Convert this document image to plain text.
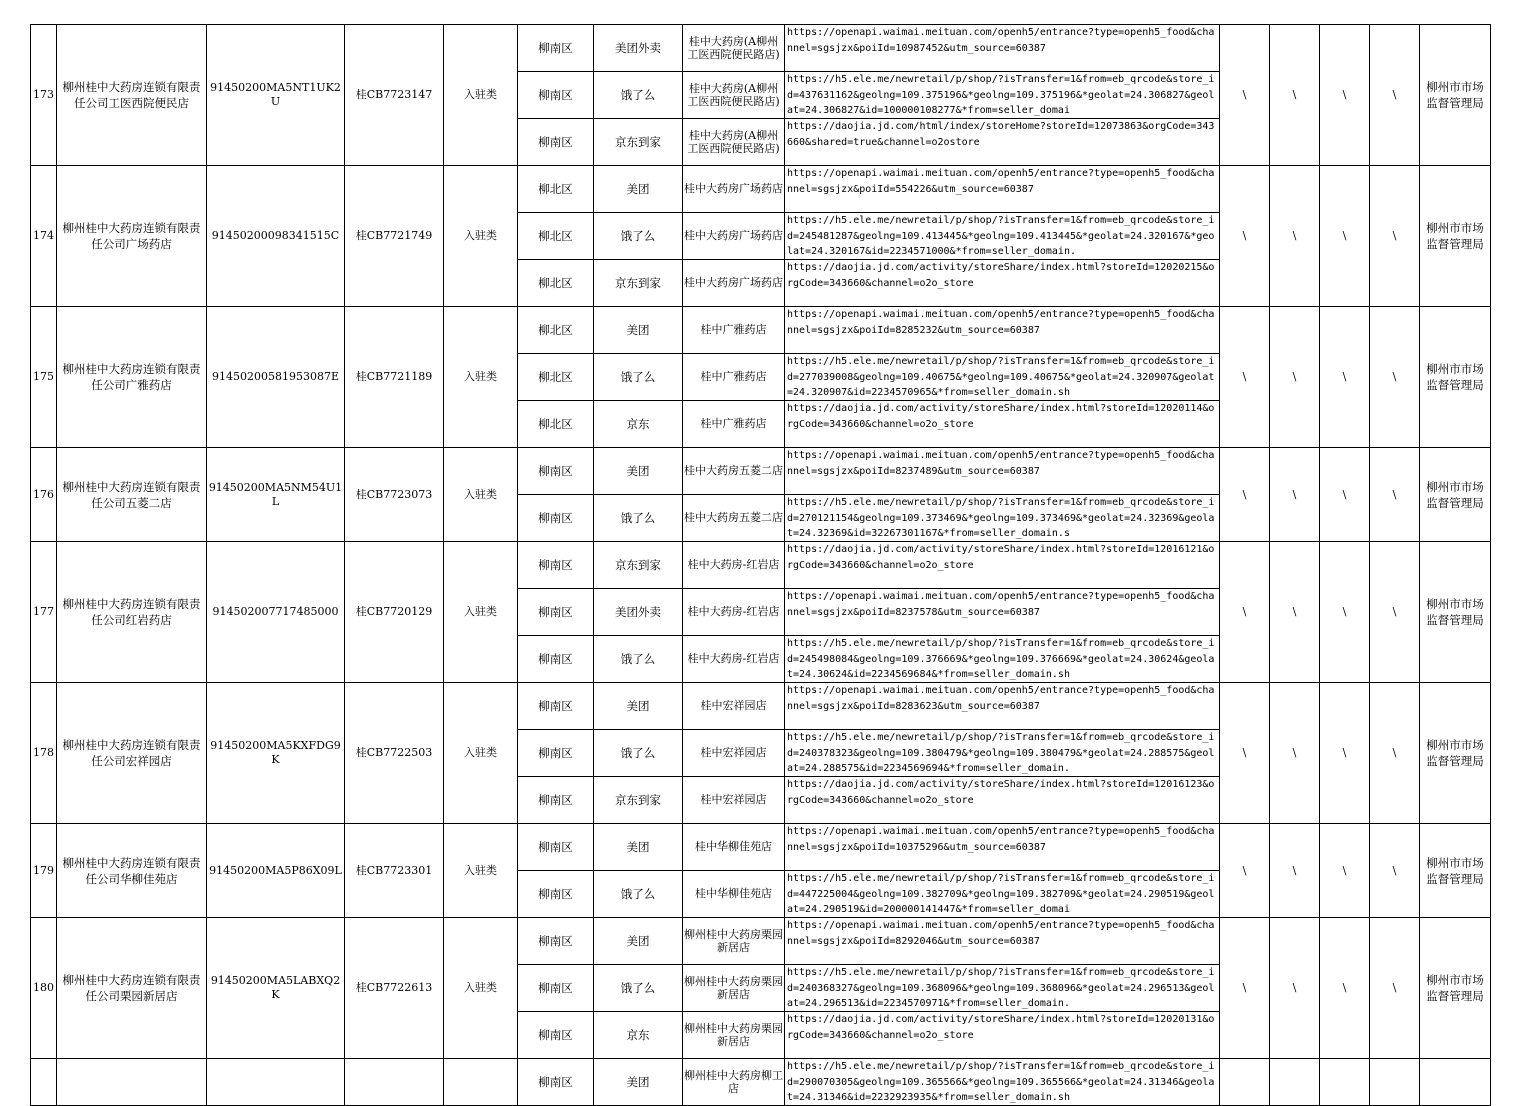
173	柳州桂中大药房连锁有限责任公司工医西院便民店	91450200MA5NT1UK2U	桂CB7723147	入驻类	柳南区	美团外卖	桂中大药房(A柳州工医西院便民路店)	https://openapi.waimai.meituan.com/openh5/entrance?type=openh5_food&channel=sgsjzx&poiId=10987452&utm_source=60387	\	\	\	\	柳州市市场监督管理局
					柳南区	饿了么	桂中大药房(A柳州工医西院便民路店)	https://h5.ele.me/newretail/p/shop/?isTransfer=1&from=eb_qrcode&store_id=437631162&geolng=109.375196&*geolng=109.375196&*geolat=24.306827&geolat=24.306827&id=100000108277&*from=seller_domai					

					柳南区	京东到家	桂中大药房(A柳州工医西院便民路店)	https://daojia.jd.com/html/index/storeHome?storeId=12073863&orgCode=343660&shared=true&channel=o2ostore					

174	柳州桂中大药房连锁有限责任公司广场药店	91450200098341515C	桂CB7721749	入驻类	柳北区	美团	桂中大药房广场药店	https://openapi.waimai.meituan.com/openh5/entrance?type=openh5_food&channel=sgsjzx&poiId=554226&utm_source=60387	\	\	\	\	柳州市市场监督管理局
					柳北区	饿了么	桂中大药房广场药店	https://h5.ele.me/newretail/p/shop/?isTransfer=1&from=eb_qrcode&store_id=245481287&geolng=109.413445&*geolng=109.413445&*geolat=24.320167&*geolat=24.320167&id=2234571000&*from=seller_domain.					

					柳北区	京东到家	桂中大药房广场药店	https://daojia.jd.com/activity/storeShare/index.html?storeId=12020215&orgCode=343660&channel=o2o_store					

175	柳州桂中大药房连锁有限责任公司广雅药店	91450200581953087E	桂CB7721189	入驻类	柳北区	美团	桂中广雅药店	https://openapi.waimai.meituan.com/openh5/entrance?type=openh5_food&channel=sgsjzx&poiId=8285232&utm_source=60387	\	\	\	\	柳州市市场监督管理局
					柳北区	饿了么	桂中广雅药店	https://h5.ele.me/newretail/p/shop/?isTransfer=1&from=eb_qrcode&store_id=277039008&geolng=109.40675&*geolng=109.40675&*geolat=24.320907&geolat=24.320907&id=2234570965&*from=seller_domain.sh					

					柳北区	京东	桂中广雅药店	https://daojia.jd.com/activity/storeShare/index.html?storeId=12020114&orgCode=343660&channel=o2o_store					

176	柳州桂中大药房连锁有限责任公司五菱二店	91450200MA5NM54U1L	桂CB7723073	入驻类	柳南区	美团	桂中大药房五菱二店	https://openapi.waimai.meituan.com/openh5/entrance?type=openh5_food&channel=sgsjzx&poiId=8237489&utm_source=60387	\	\	\	\	柳州市市场监督管理局
					柳南区	饿了么	桂中大药房五菱二店	https://h5.ele.me/newretail/p/shop/?isTransfer=1&from=eb_qrcode&store_id=270121154&geolng=109.373469&*geolng=109.373469&*geolat=24.32369&geolat=24.32369&id=32267301167&*from=seller_domain.s					

177	柳州桂中大药房连锁有限责任公司红岩药店	914502007717485000	桂CB7720129	入驻类	柳南区	京东到家	桂中大药房-红岩店	https://daojia.jd.com/activity/storeShare/index.html?storeId=12016121&orgCode=343660&channel=o2o_store	\	\	\	\	柳州市市场监督管理局
					柳南区	美团外卖	桂中大药房-红岩店	https://openapi.waimai.meituan.com/openh5/entrance?type=openh5_food&channel=sgsjzx&poiId=8237578&utm_source=60387					

					柳南区	饿了么	桂中大药房-红岩店	https://h5.ele.me/newretail/p/shop/?isTransfer=1&from=eb_qrcode&store_id=245498084&geolng=109.376669&*geolng=109.376669&*geolat=24.30624&geolat=24.30624&id=2234569684&*from=seller_domain.sh					

178	柳州桂中大药房连锁有限责任公司宏祥园店	91450200MA5KXFDG9K	桂CB7722503	入驻类	柳南区	美团	桂中宏祥园店	https://openapi.waimai.meituan.com/openh5/entrance?type=openh5_food&channel=sgsjzx&poiId=8283623&utm_source=60387	\	\	\	\	柳州市市场监督管理局
					柳南区	饿了么	桂中宏祥园店	https://h5.ele.me/newretail/p/shop/?isTransfer=1&from=eb_qrcode&store_id=240378323&geolng=109.380479&*geolng=109.380479&*geolat=24.288575&geolat=24.288575&id=2234569694&*from=seller_domain.					

					柳南区	京东到家	桂中宏祥园店	https://daojia.jd.com/activity/storeShare/index.html?storeId=12016123&orgCode=343660&channel=o2o_store					

179	柳州桂中大药房连锁有限责任公司华柳佳苑店	91450200MA5P86X09L	桂CB7723301	入驻类	柳南区	美团	桂中华柳佳苑店	https://openapi.waimai.meituan.com/openh5/entrance?type=openh5_food&channel=sgsjzx&poiId=10375296&utm_source=60387	\	\	\	\	柳州市市场监督管理局
					柳南区	饿了么	桂中华柳佳苑店	https://h5.ele.me/newretail/p/shop/?isTransfer=1&from=eb_qrcode&store_id=447225004&geolng=109.382709&*geolng=109.382709&*geolat=24.290519&geolat=24.290519&id=200000141447&*from=seller_domai					

180	柳州桂中大药房连锁有限责任公司栗园新居店	91450200MA5LABXQ2K	桂CB7722613	入驻类	柳南区	美团	柳州桂中大药房栗园新居店	https://openapi.waimai.meituan.com/openh5/entrance?type=openh5_food&channel=sgsjzx&poiId=8292046&utm_source=60387	\	\	\	\	柳州市市场监督管理局
					柳南区	饿了么	柳州桂中大药房栗园新居店	https://h5.ele.me/newretail/p/shop/?isTransfer=1&from=eb_qrcode&store_id=240368327&geolng=109.368096&*geolng=109.368096&*geolat=24.296513&geolat=24.296513&id=2234570971&*from=seller_domain.					

					柳南区	京东	柳州桂中大药房栗园新居店	https://daojia.jd.com/activity/storeShare/index.html?storeId=12020131&orgCode=343660&channel=o2o_store					

					柳南区	美团	柳州桂中大药房柳工店	https://h5.ele.me/newretail/p/shop/?isTransfer=1&from=eb_qrcode&store_id=290070305&geolng=109.365566&*geolng=109.365566&*geolat=24.31346&geolat=24.31346&id=2232923935&*from=seller_domain.sh					
